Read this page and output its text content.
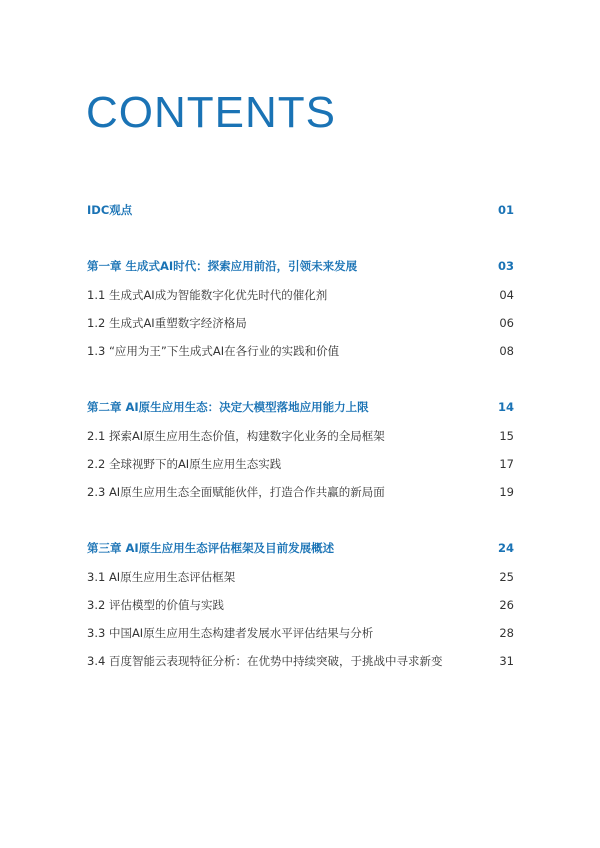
CONTENTS
IDC观点	01
第一章 生成式AI时代：探索应用前沿，引领未来发展	03
1.1 生成式AI成为智能数字化优先时代的催化剂	04
1.2 生成式AI重塑数字经济格局	06
1.3 “应用为王”下生成式AI在各行业的实践和价值	08
第二章 AI原生应用生态：决定大模型落地应用能力上限	14
2.1 探索AI原生应用生态价值，构建数字化业务的全局框架	15
2.2 全球视野下的AI原生应用生态实践	17
2.3 AI原生应用生态全面赋能伙伴，打造合作共赢的新局面	19
第三章 AI原生应用生态评估框架及目前发展概述	24
3.1 AI原生应用生态评估框架	25
3.2 评估模型的价值与实践	26
3.3 中国AI原生应用生态构建者发展水平评估结果与分析	28
3.4 百度智能云表现特征分析：在优势中持续突破，于挑战中寻求新变	31
